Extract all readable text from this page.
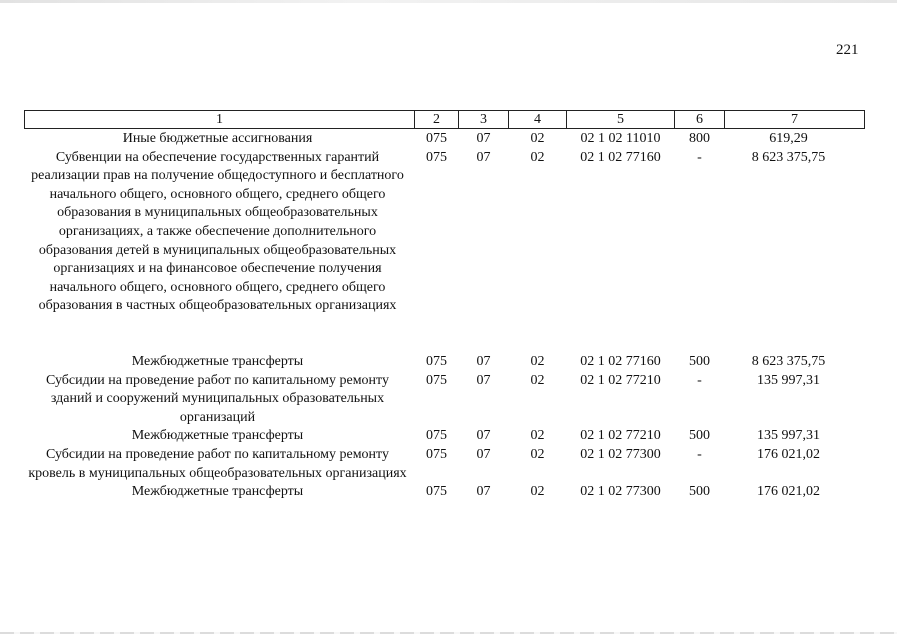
221
1	2	3	4	5	6	7
Иные бюджетные ассигнования	075	07	02	02 1 02 11010	800	619,29
Субвенции на обеспечение государственных гарантий реализации прав на получение общедоступного и бесплатного начального общего, основного общего, среднего общего образования в муниципальных общеобразовательных организациях, а также обеспечение дополнительного образования детей в муниципальных общеобразовательных организациях и на финансовое обеспечение получения начального общего, основного общего, среднего общего образования в частных общеобразовательных организациях	075	07	02	02 1 02 77160	-	8 623 375,75
Межбюджетные трансферты	075	07	02	02 1 02 77160	500	8 623 375,75
Субсидии на проведение работ по капитальному ремонту зданий и сооружений муниципальных образовательных организаций	075	07	02	02 1 02 77210	-	135 997,31
Межбюджетные трансферты	075	07	02	02 1 02 77210	500	135 997,31
Субсидии на проведение работ по капитальному ремонту кровель в муниципальных общеобразовательных организациях	075	07	02	02 1 02 77300	-	176 021,02
Межбюджетные трансферты	075	07	02	02 1 02 77300	500	176 021,02
